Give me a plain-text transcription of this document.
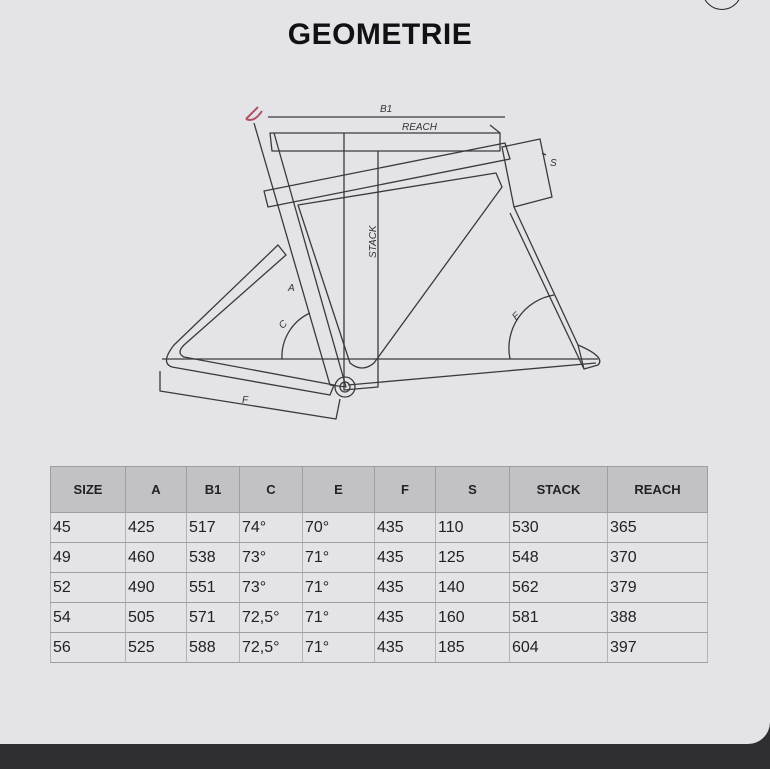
GEOMETRIE
B1
REACH
S
A
C
E
F
STACK
SIZE	A	B1	C	E	F	S	STACK	REACH
45	425	517	74°	70°	435	110	530	365
49	460	538	73°	71°	435	125	548	370
52	490	551	73°	71°	435	140	562	379
54	505	571	72,5°	71°	435	160	581	388
56	525	588	72,5°	71°	435	185	604	397
